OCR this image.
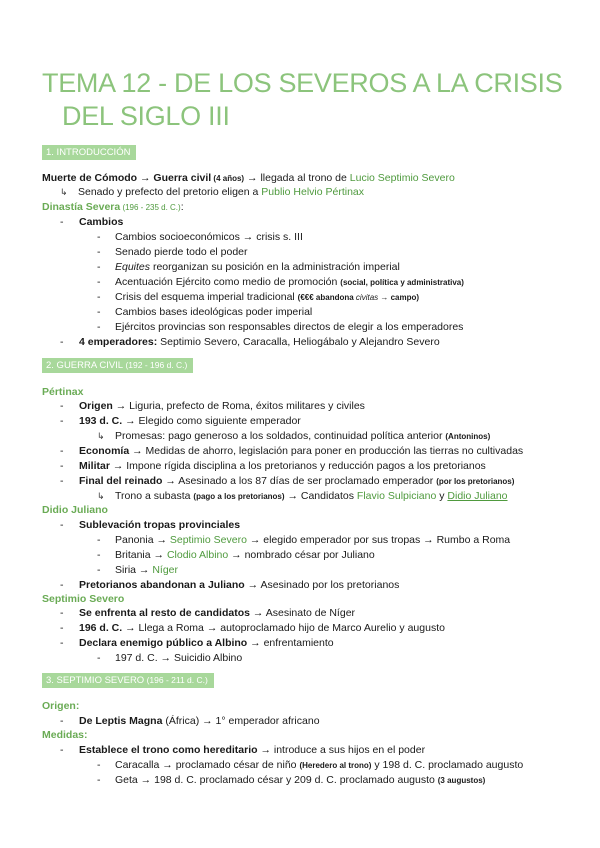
TEMA 12 - DE LOS SEVEROS A LA CRISIS
DEL SIGLO III
1. INTRODUCCIÓN
Muerte de Cómodo → Guerra civil (4 años) → llegada al trono de Lucio Septimio Severo
↳ Senado y prefecto del pretorio eligen a Publio Helvio Pértinax
Dinastía Severa (196 - 235 d. C.):
- Cambios
- Cambios socioeconómicos → crisis s. III
- Senado pierde todo el poder
- Equites reorganizan su posición en la administración imperial
- Acentuación Ejército como medio de promoción (social, política y administrativa)
- Crisis del esquema imperial tradicional (€€€ abandona civitas → campo)
- Cambios bases ideológicas poder imperial
- Ejércitos provincias son responsables directos de elegir a los emperadores
- 4 emperadores: Septimio Severo, Caracalla, Heliogábalo y Alejandro Severo
2. GUERRA CIVIL (192 - 196 d. C.)
Pértinax
- Origen → Liguria, prefecto de Roma, éxitos militares y civiles
- 193 d. C. → Elegido como siguiente emperador
↳ Promesas: pago generoso a los soldados, continuidad política anterior (Antoninos)
- Economía → Medidas de ahorro, legislación para poner en producción las tierras no cultivadas
- Militar → Impone rígida disciplina a los pretorianos y reducción pagos a los pretorianos
- Final del reinado → Asesinado a los 87 días de ser proclamado emperador (por los pretorianos)
↳ Trono a subasta (pago a los pretorianos) → Candidatos Flavio Sulpiciano y Didio Juliano
Didio Juliano
- Sublevación tropas provinciales
- Panonia → Septimio Severo → elegido emperador por sus tropas → Rumbo a Roma
- Britania → Clodio Albino → nombrado césar por Juliano
- Siria → Níger
- Pretorianos abandonan a Juliano → Asesinado por los pretorianos
Septimio Severo
- Se enfrenta al resto de candidatos → Asesinato de Níger
- 196 d. C. → Llega a Roma → autoproclamado hijo de Marco Aurelio y augusto
- Declara enemigo público a Albino → enfrentamiento
- 197 d. C. → Suicidio Albino
3. SEPTIMIO SEVERO (196 - 211 d. C.)
Origen:
- De Leptis Magna (África) → 1° emperador africano
Medidas:
- Establece el trono como hereditario → introduce a sus hijos en el poder
- Caracalla → proclamado césar de niño (Heredero al trono) y 198 d. C. proclamado augusto
- Geta → 198 d. C. proclamado césar y 209 d. C. proclamado augusto (3 augustos)
